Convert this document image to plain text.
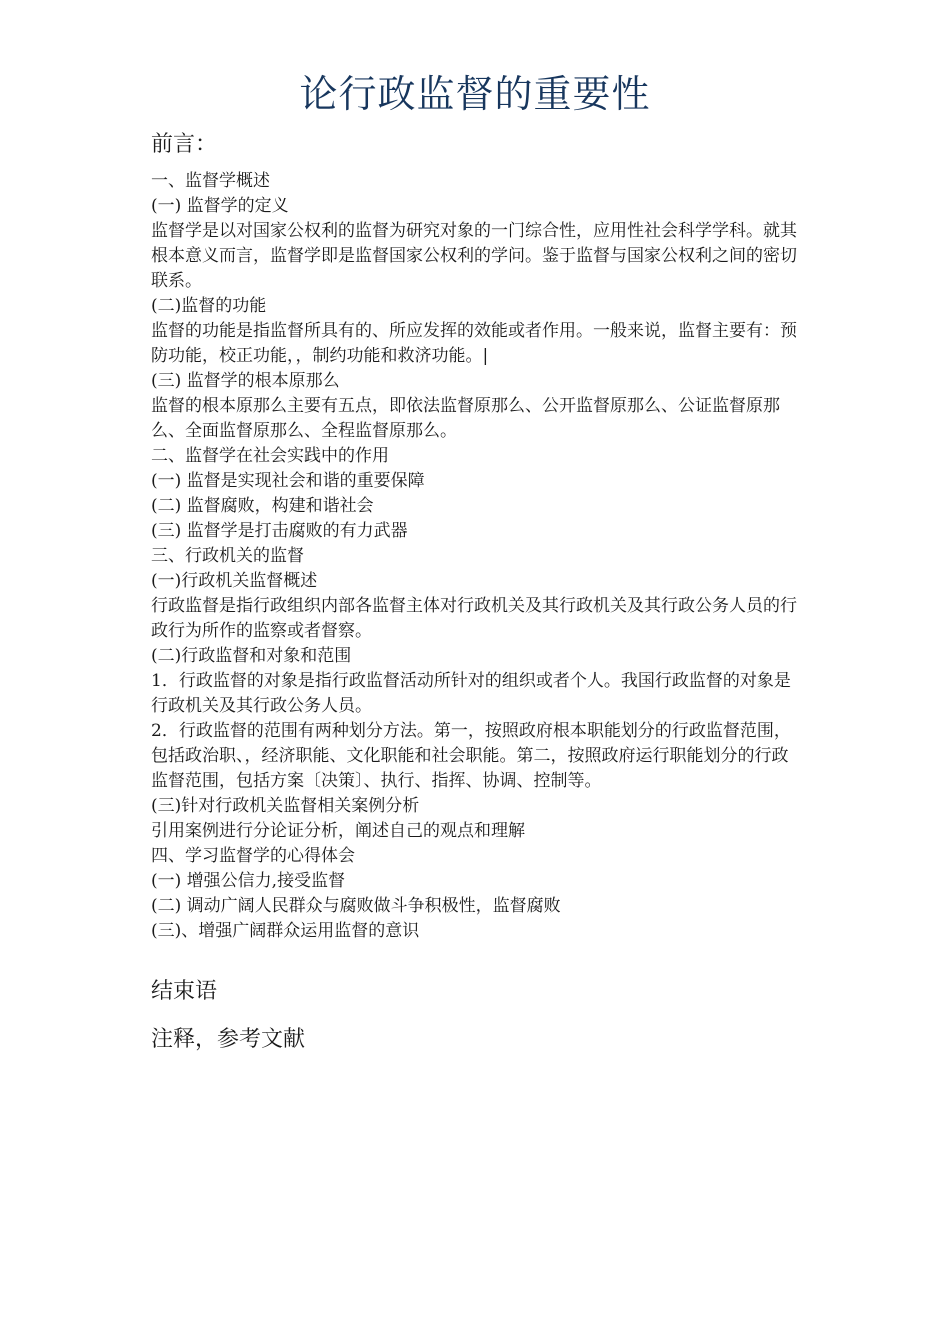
论行政监督的重要性
前言：

一、监督学概述

(一) 监督学的定义

监督学是以对国家公权利的监督为研究对象的一门综合性，应用性社会科学学科。就其根本意义而言，监督学即是监督国家公权利的学问。鉴于监督与国家公权利之间的密切联系。

(二)监督的功能

监督的功能是指监督所具有的、所应发挥的效能或者作用。一般来说，监督主要有：预防功能，校正功能，，制约功能和救济功能。|

(三) 监督学的根本原那么

监督的根本原那么主要有五点，即依法监督原那么、公开监督原那么、公证监督原那么、全面监督原那么、全程监督原那么。

二、监督学在社会实践中的作用

(一) 监督是实现社会和谐的重要保障

(二) 监督腐败，构建和谐社会

(三) 监督学是打击腐败的有力武器

三、行政机关的监督

(一)行政机关监督概述

行政监督是指行政组织内部各监督主体对行政机关及其行政机关及其行政公务人员的行政行为所作的监察或者督察。

(二)行政监督和对象和范围

1．行政监督的对象是指行政监督活动所针对的组织或者个人。我国行政监督的对象是行政机关及其行政公务人员。

2．行政监督的范围有两种划分方法。第一，按照政府根本职能划分的行政监督范围，包括政治职、，经济职能、文化职能和社会职能。第二，按照政府运行职能划分的行政监督范围，包括方案〔决策〕、执行、指挥、协调、控制等。

(三)针对行政机关监督相关案例分析

引用案例进行分论证分析，阐述自己的观点和理解

四、学习监督学的心得体会

(一) 增强公信力,接受监督

(二) 调动广阔人民群众与腐败做斗争积极性，监督腐败

(三)、增强广阔群众运用监督的意识

结束语
注释，参考文献
